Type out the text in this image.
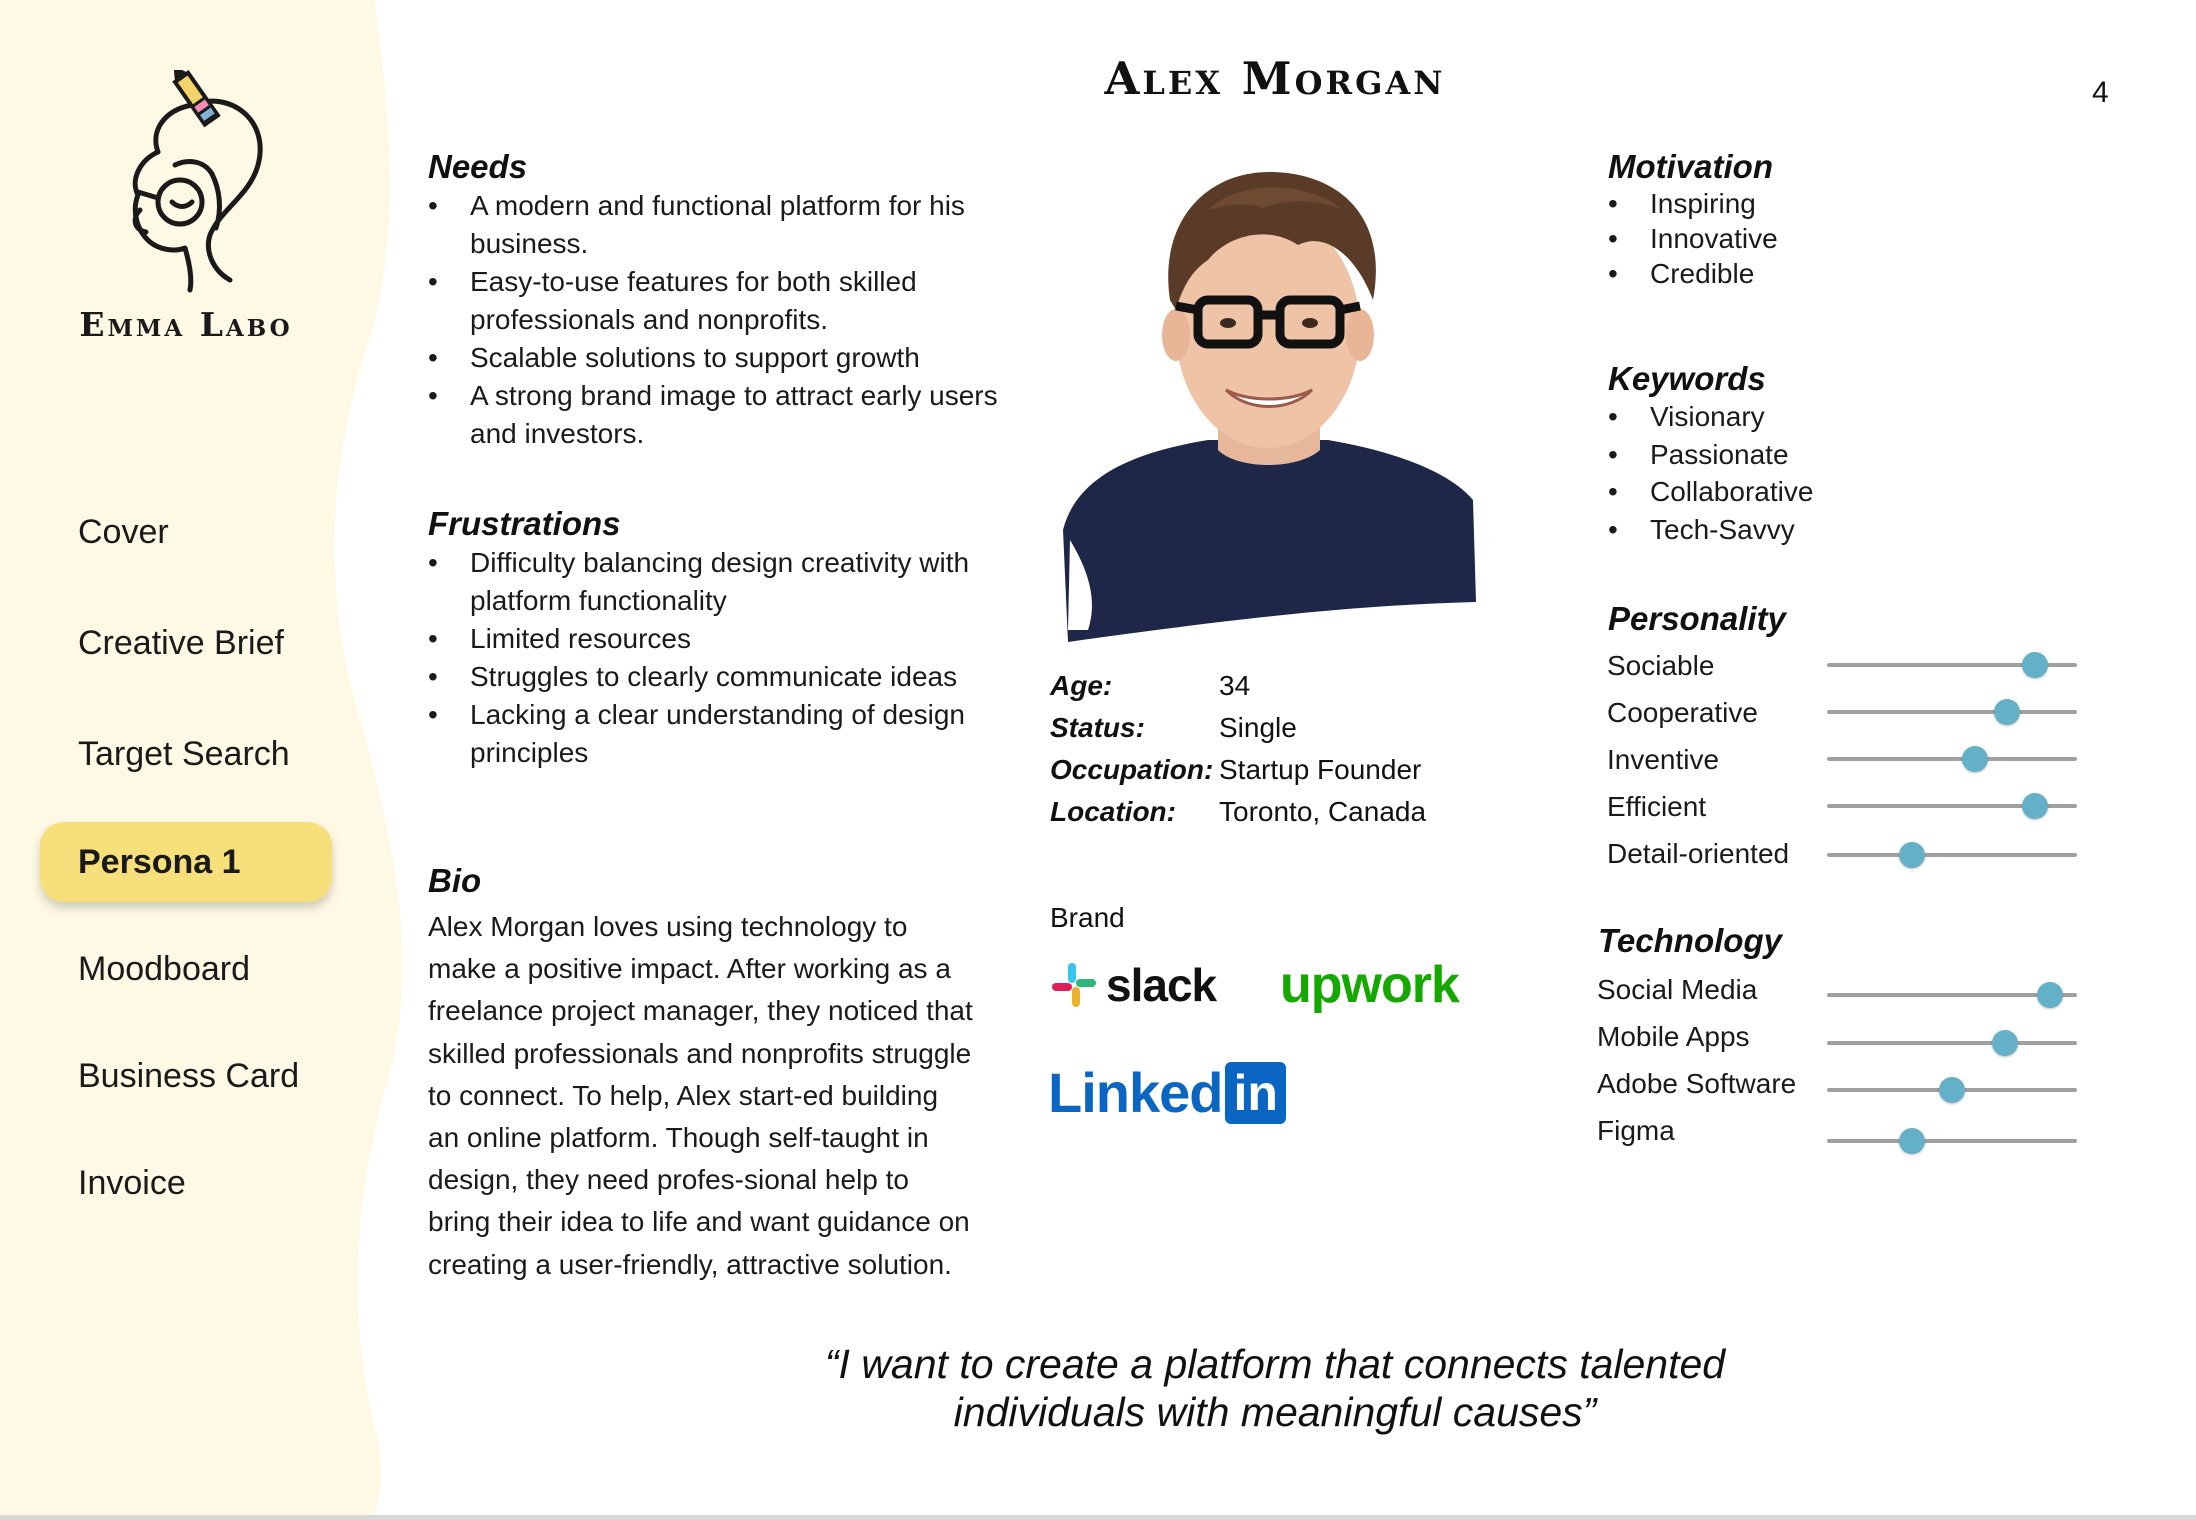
Emma Labo
Cover
Creative Brief
Target Search
Persona 1
Moodboard
Business Card
Invoice
Alex Morgan	4
Needs
• A modern and functional platform for his business.
• Easy-to-use features for both skilled professionals and nonprofits.
• Scalable solutions to support growth
• A strong brand image to attract early users and investors.
Frustrations
• Difficulty balancing design creativity with platform functionality
• Limited resources
• Struggles to clearly communicate ideas
• Lacking a clear understanding of design principles
Bio

Alex Morgan loves using technology to make a positive impact. After working as a freelance project manager, they noticed that skilled professionals and nonprofits struggle to connect. To help, Alex start-ed building an online platform. Though self-taught in design, they need profes-sional help to bring their idea to life and want guidance on creating a user-friendly, attractive solution.

Age:	34
Status:	Single
Occupation: Startup Founder
Location: Toronto, Canada
Brand
slack upwork
Linked in
Motivation
• Inspiring
• Innovative
• Credible
Keywords
• Visionary
• Passionate
• Collaborative
• Tech-Savvy
Personality
Sociable
Cooperative
Inventive
Efficient
Detail-oriented
Technology
Social Media
Mobile Apps
Adobe Software
Figma
“I want to create a platform that connects talented
individuals with meaningful causes”
